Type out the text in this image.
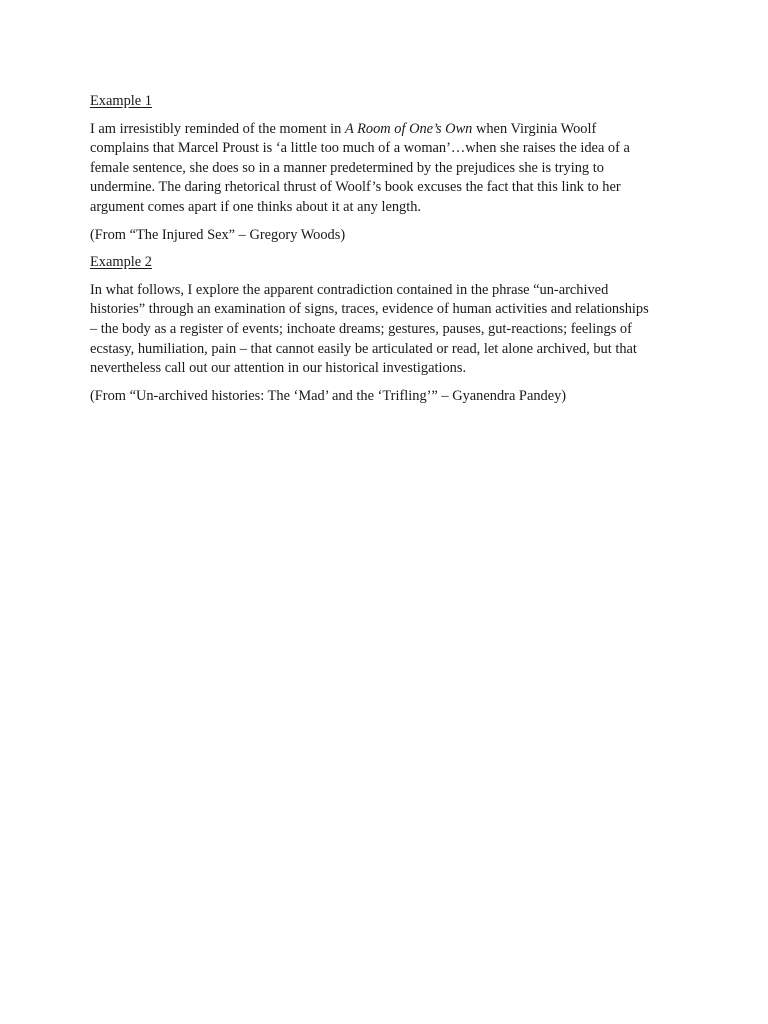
Example 1

I am irresistibly reminded of the moment in A Room of One’s Own when Virginia Woolf
complains that Marcel Proust is ‘a little too much of a woman’…when she raises the idea of a
female sentence, she does so in a manner predetermined by the prejudices she is trying to
undermine. The daring rhetorical thrust of Woolf’s book excuses the fact that this link to her
argument comes apart if one thinks about it at any length.

(From “The Injured Sex” – Gregory Woods)

Example 2

In what follows, I explore the apparent contradiction contained in the phrase “un-archived
histories” through an examination of signs, traces, evidence of human activities and relationships
– the body as a register of events; inchoate dreams; gestures, pauses, gut-reactions; feelings of
ecstasy, humiliation, pain – that cannot easily be articulated or read, let alone archived, but that
nevertheless call out our attention in our historical investigations.

(From “Un-archived histories: The ‘Mad’ and the ‘Trifling’” – Gyanendra Pandey)
